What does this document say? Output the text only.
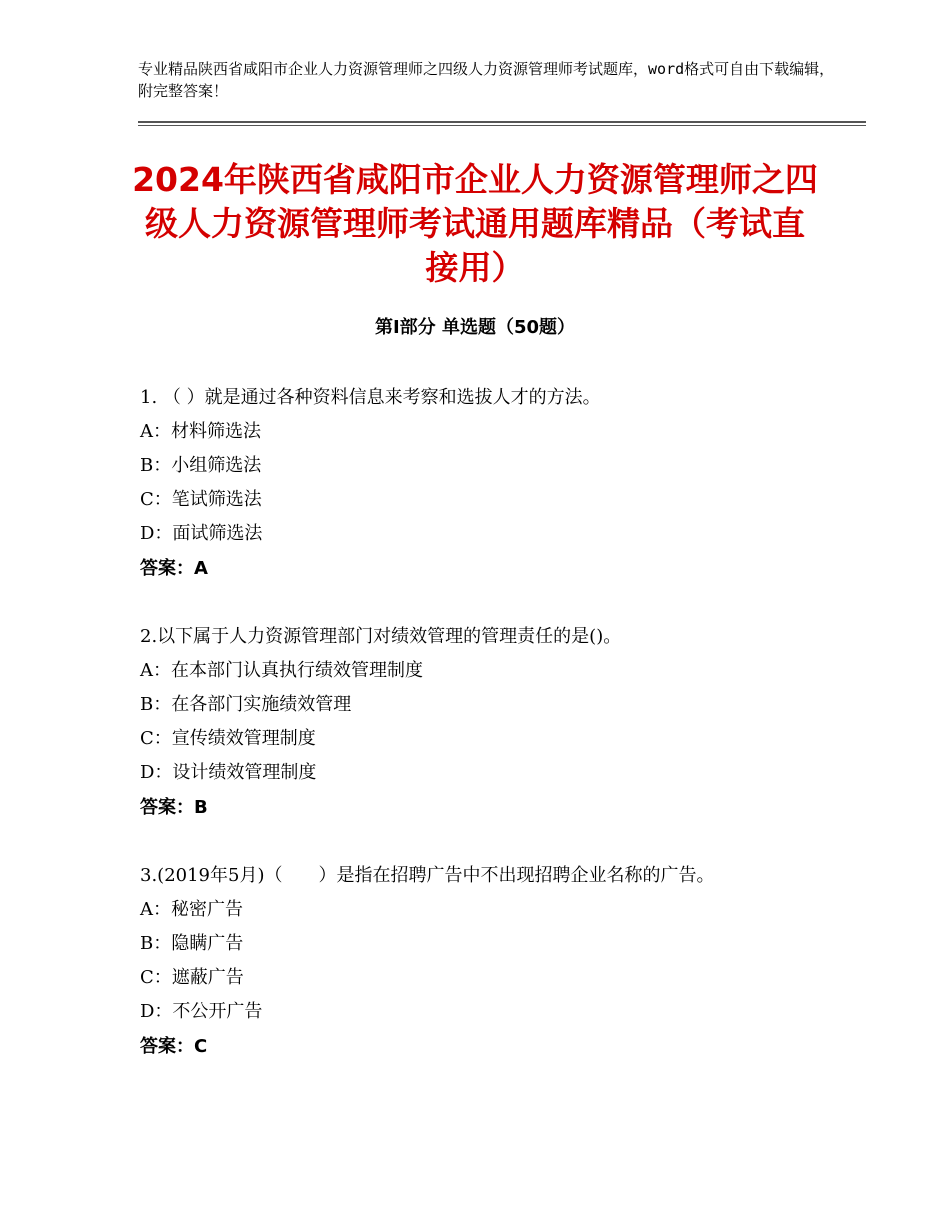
专业精品陕西省咸阳市企业人力资源管理师之四级人力资源管理师考试题库，word格式可自由下载编辑，附完整答案！
2024年陕西省咸阳市企业人力资源管理师之四级人力资源管理师考试通用题库精品（考试直接用）
第Ⅰ部分 单选题（50题）
1. （ ）就是通过各种资料信息来考察和选拔人才的方法。
A：材料筛选法
B：小组筛选法
C：笔试筛选法
D：面试筛选法
答案：A
2.以下属于人力资源管理部门对绩效管理的管理责任的是()。
A：在本部门认真执行绩效管理制度
B：在各部门实施绩效管理
C：宣传绩效管理制度
D：设计绩效管理制度
答案：B
3.(2019年5月)（　　）是指在招聘广告中不出现招聘企业名称的广告。
A：秘密广告
B：隐瞒广告
C：遮蔽广告
D：不公开广告
答案：C
